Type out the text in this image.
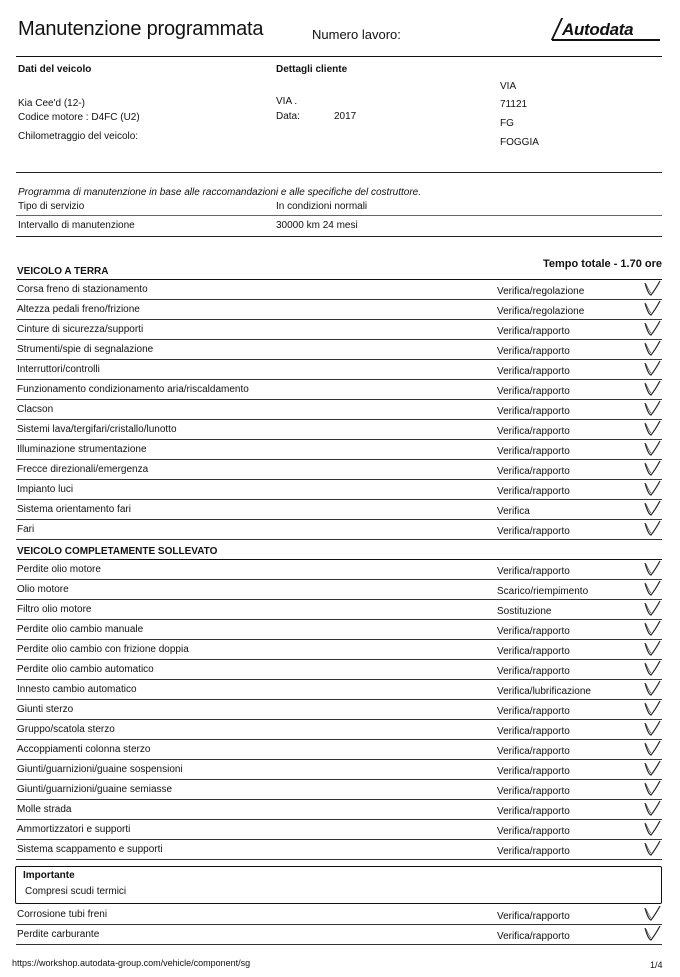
Manutenzione programmata	Numero lavoro:	Autodata
Dati del veicolo	Dettagli cliente
VIA
VIA .
Kia Cee'd (12-)	71121
Codice motore : D4FC (U2)	Data:	2017
FG
Chilometraggio del veicolo:
FOGGIA
Programma di manutenzione in base alle raccomandazioni e alle specifiche del costruttore.
Tipo di servizio	In condizioni normali
Intervallo di manutenzione	30000 km 24 mesi
Tempo totale - 1.70 ore
VEICOLO A TERRA
Corsa freno di stazionamento	Verifica/regolazione
Altezza pedali freno/frizione	Verifica/regolazione
Cinture di sicurezza/supporti	Verifica/rapporto
Strumenti/spie di segnalazione	Verifica/rapporto
Interruttori/controlli	Verifica/rapporto
Funzionamento condizionamento aria/riscaldamento	Verifica/rapporto
Clacson	Verifica/rapporto
Sistemi lava/tergifari/cristallo/lunotto	Verifica/rapporto
Illuminazione strumentazione	Verifica/rapporto
Frecce direzionali/emergenza	Verifica/rapporto
Impianto luci	Verifica/rapporto
Sistema orientamento fari	Verifica
Fari	Verifica/rapporto
VEICOLO COMPLETAMENTE SOLLEVATO
Perdite olio motore	Verifica/rapporto
Olio motore	Scarico/riempimento
Filtro olio motore	Sostituzione
Perdite olio cambio manuale	Verifica/rapporto
Perdite olio cambio con frizione doppia	Verifica/rapporto
Perdite olio cambio automatico	Verifica/rapporto
Innesto cambio automatico	Verifica/lubrificazione
Giunti sterzo	Verifica/rapporto
Gruppo/scatola sterzo	Verifica/rapporto
Accoppiamenti colonna sterzo	Verifica/rapporto
Giunti/guarnizioni/guaine sospensioni	Verifica/rapporto
Giunti/guarnizioni/guaine semiasse	Verifica/rapporto
Molle strada	Verifica/rapporto
Ammortizzatori e supporti	Verifica/rapporto
Sistema scappamento e supporti	Verifica/rapporto
Importante
Compresi scudi termici
Corrosione tubi freni	Verifica/rapporto
Perdite carburante	Verifica/rapporto
https://workshop.autodata-group.com/vehicle/component/sg	1/4
